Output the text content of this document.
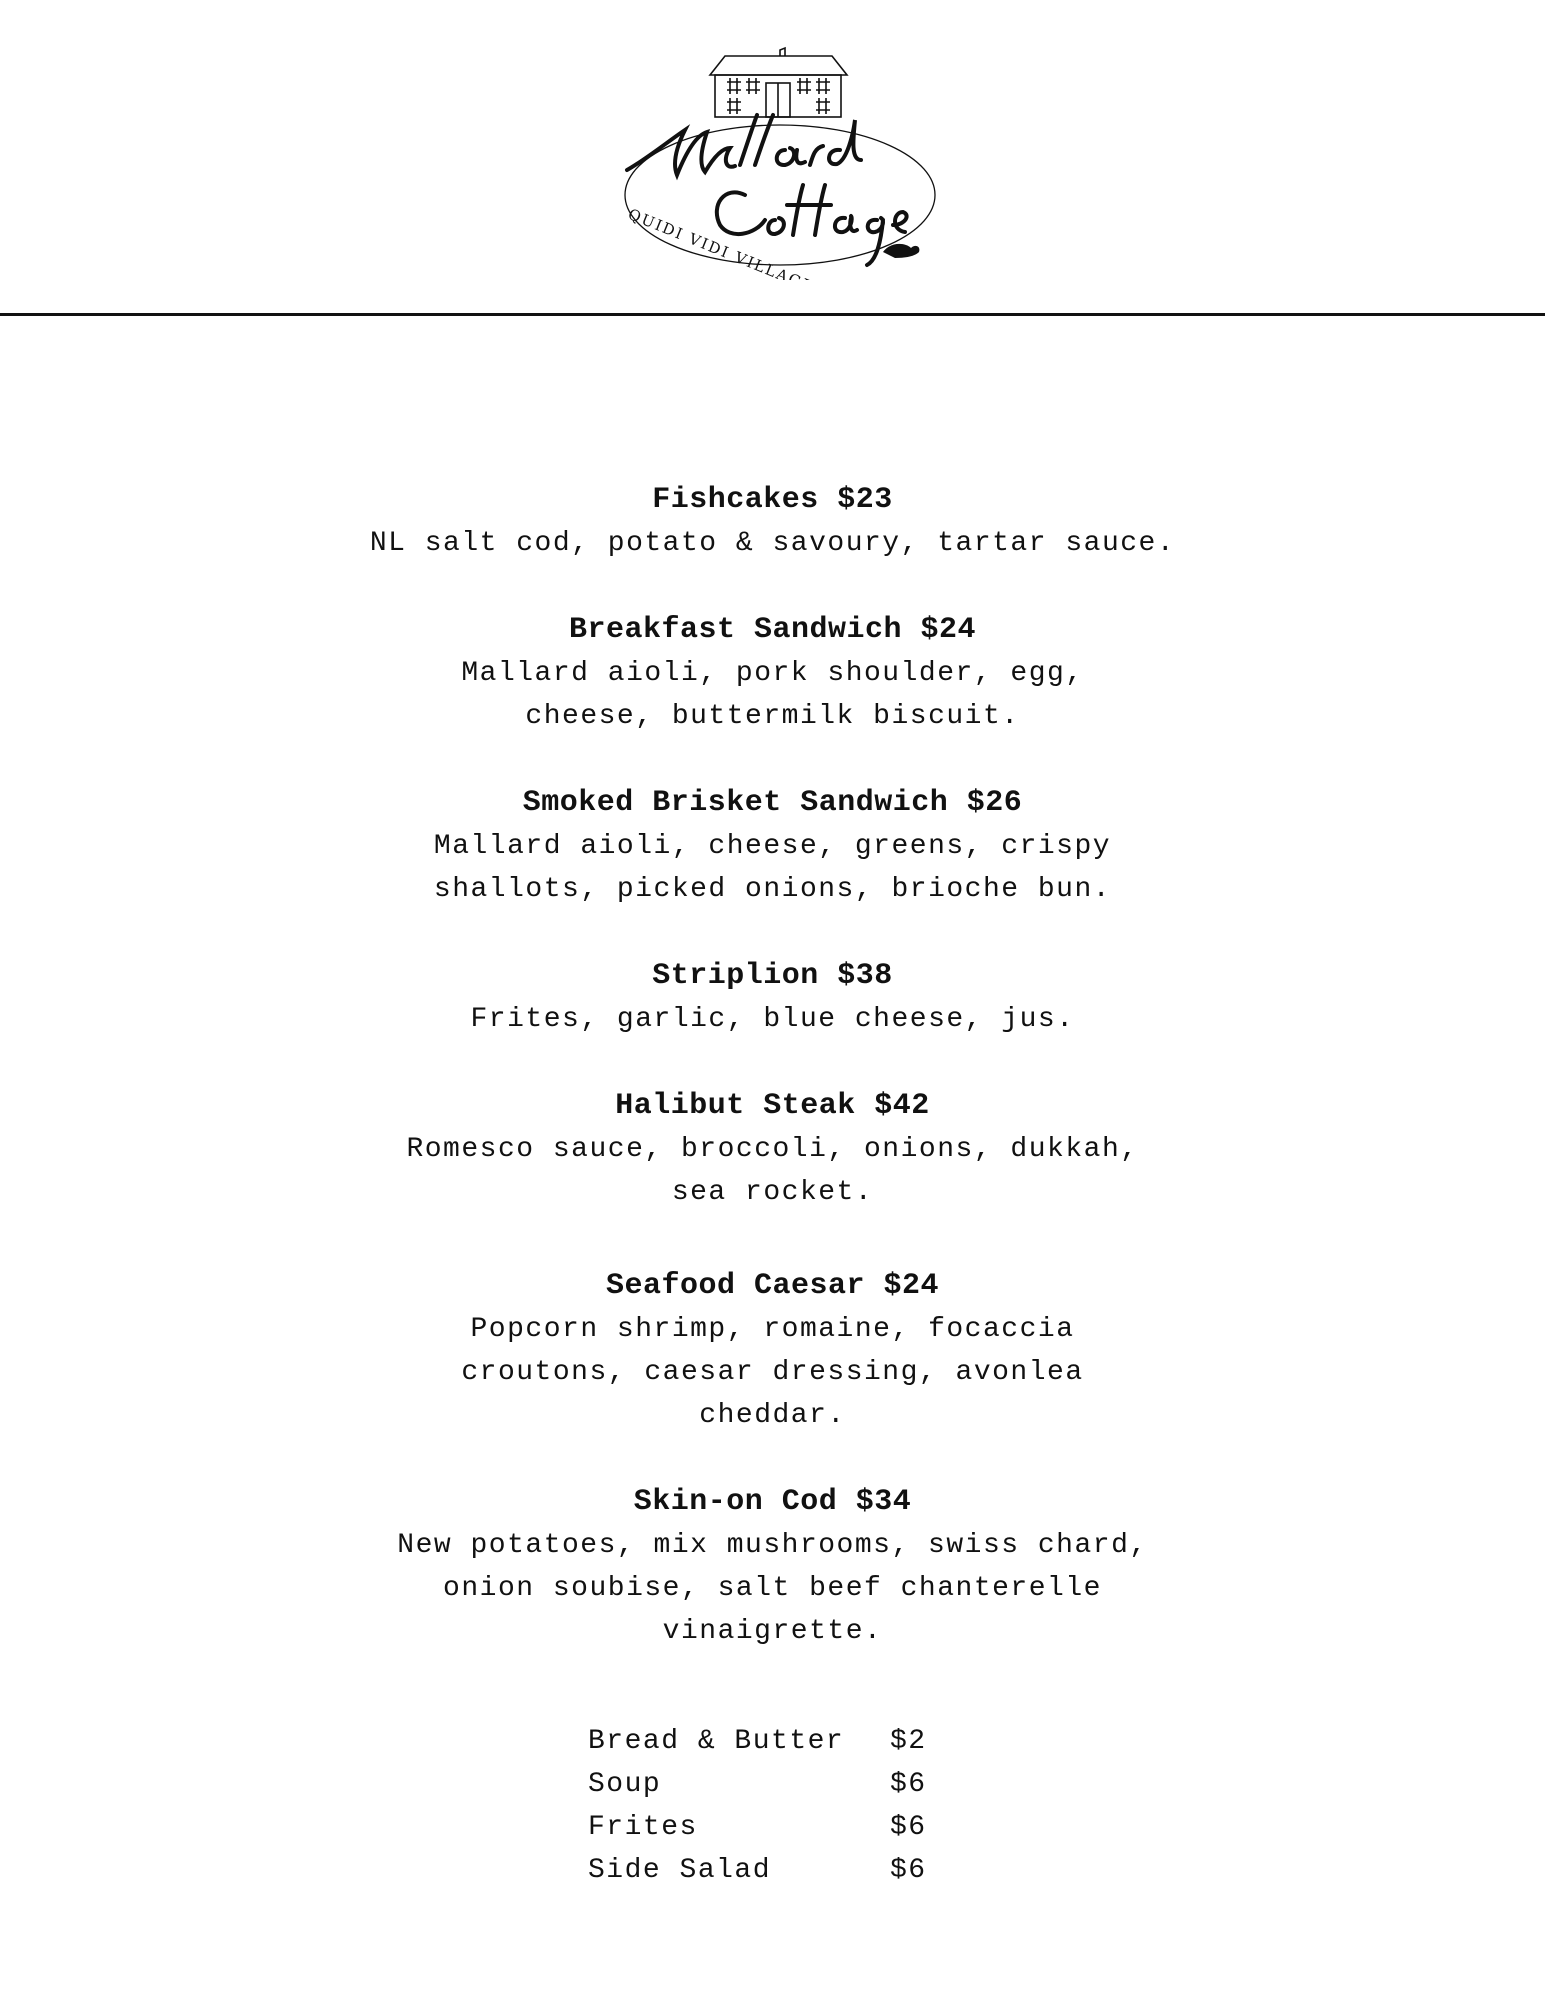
QUIDI VIDI VILLAGE
Fishcakes $23
NL salt cod, potato & savoury, tartar sauce.
Breakfast Sandwich $24
Mallard aioli, pork shoulder, egg, cheese, buttermilk biscuit.
Smoked Brisket Sandwich $26
Mallard aioli, cheese, greens, crispy shallots, picked onions, brioche bun.
Striplion $38
Frites, garlic, blue cheese, jus.
Halibut Steak $42
Romesco sauce, broccoli, onions, dukkah, sea rocket.
Seafood Caesar $24
Popcorn shrimp, romaine, focaccia croutons, caesar dressing, avonlea cheddar.
Skin-on Cod $34
New potatoes, mix mushrooms, swiss chard, onion soubise, salt beef chanterelle vinaigrette.
Bread & Butter	$2
Soup	$6
Frites	$6
Side Salad	$6
